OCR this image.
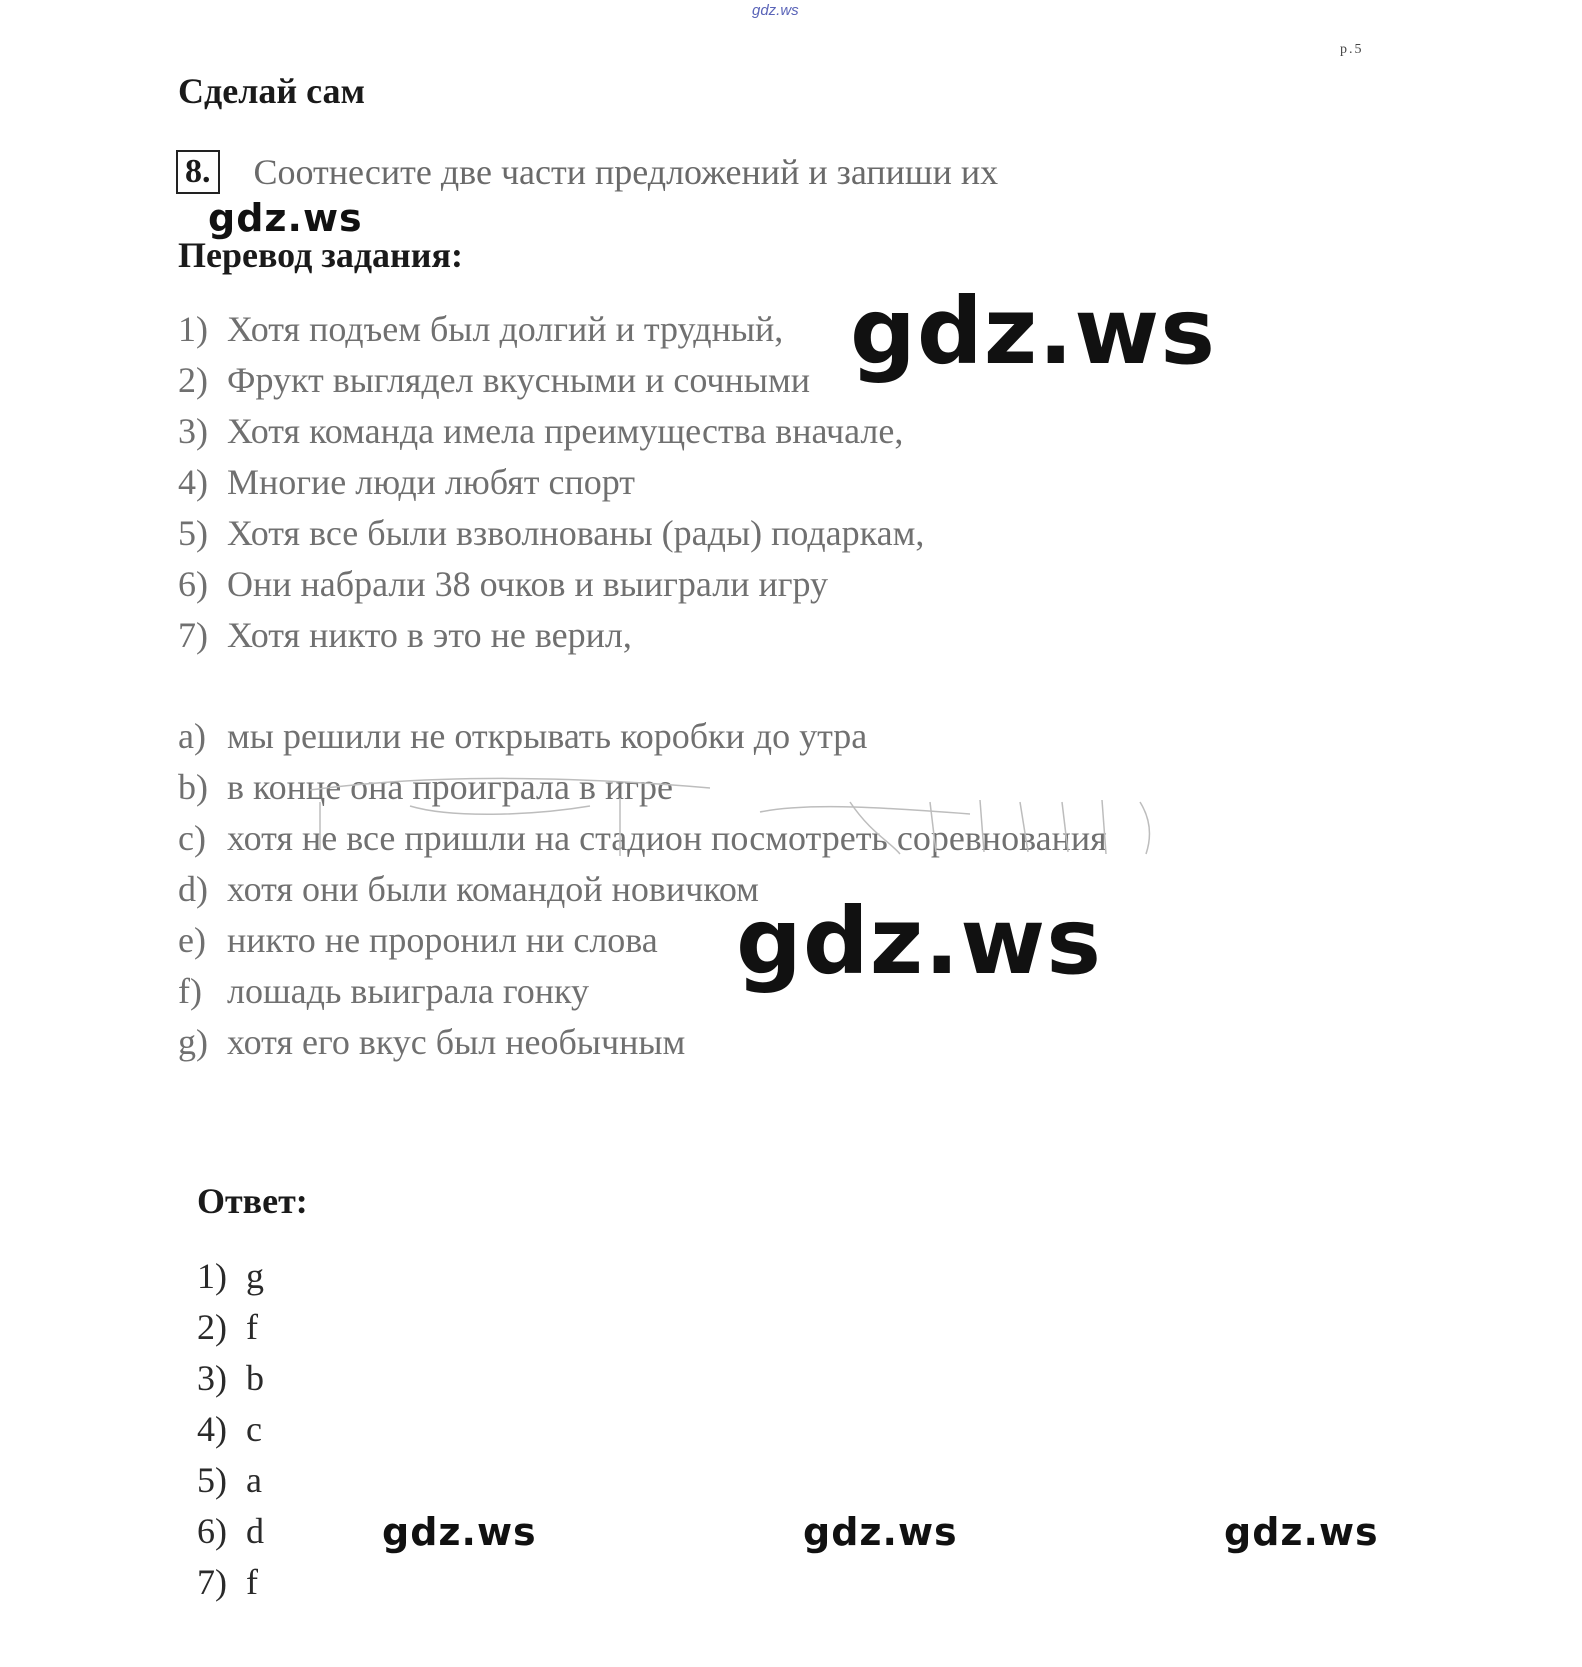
gdz.ws
p.5
Сделай сам
8. Соотнесите две части предложений и запиши их
Перевод задания:
1) Хотя подъем был долгий и трудный,
2) Фрукт выглядел вкусными и сочными
3) Хотя команда имела преимущества вначале,
4) Многие люди любят спорт
5) Хотя все были взволнованы (рады) подаркам,
6) Они набрали 38 очков и выиграли игру
7) Хотя никто в это не верил,
a) мы решили не открывать коробки до утра
b) в конце она проиграла в игре
c) хотя не все пришли на стадион посмотреть соревнования
d) хотя они были командой новичком
e) никто не проронил ни слова
f) лошадь выиграла гонку
g) хотя его вкус был необычным
Ответ:
1) g
2) f
3) b
4) c
5) a
6) d
7) f
gdz.ws
gdz.ws
gdz.ws
gdz.ws	gdz.ws	gdz.ws
